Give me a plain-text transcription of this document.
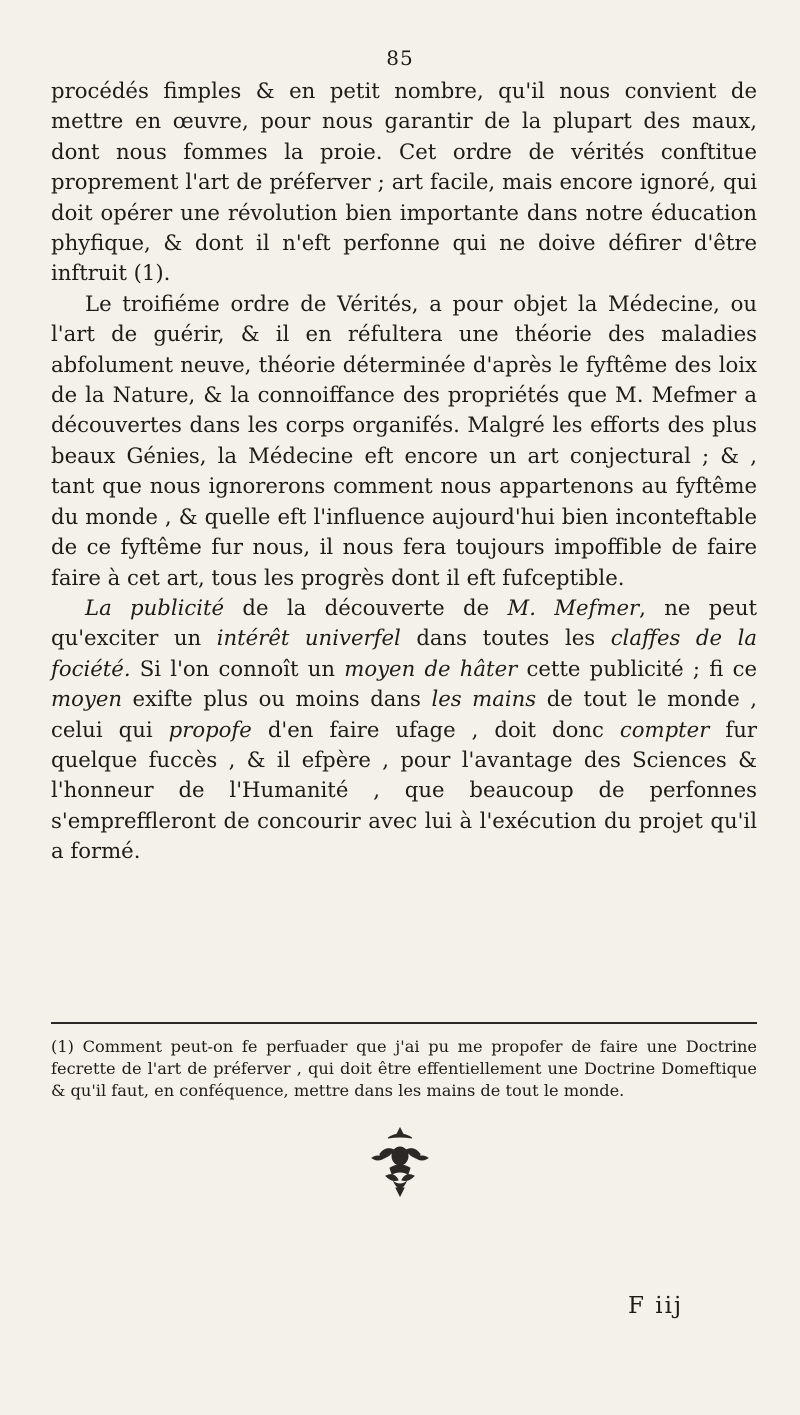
85

procédés fimples & en petit nombre, qu'il nous convient de mettre en œuvre, pour nous garantir de la plupart des maux, dont nous fommes la proie. Cet ordre de vérités conftitue proprement l'art de préferver ; art facile, mais encore ignoré, qui doit opérer une révolution bien importante dans notre éducation phyfique, & dont il n'eft perfonne qui ne doive défirer d'être inftruit (1).

Le troifiéme ordre de Vérités, a pour objet la Médecine, ou l'art de guérir, & il en réfultera une théorie des maladies abfolument neuve, théorie déterminée d'après le fyftême des loix de la Nature, & la connoiffance des propriétés que M. Mefmer a découvertes dans les corps organifés. Malgré les efforts des plus beaux Génies, la Médecine eft encore un art conjectural ; & , tant que nous ignorerons comment nous appartenons au fyftême du monde , & quelle eft l'influence aujourd'hui bien inconteftable de ce fyftême fur nous, il nous fera toujours impoffible de faire faire à cet art, tous les progrès dont il eft fufceptible.

La publicité de la découverte de M. Mefmer, ne peut qu'exciter un intérêt univerfel dans toutes les claffes de la fociété. Si l'on connoît un moyen de hâter cette publicité ; fi ce moyen exifte plus ou moins dans les mains de tout le monde , celui qui propofe d'en faire ufage , doit donc compter fur quelque fuccès , & il efpère , pour l'avantage des Sciences & l'honneur de l'Humanité , que beaucoup de perfonnes s'empreffleront de concourir avec lui à l'exécution du projet qu'il a formé.

(1) Comment peut-on fe perfuader que j'ai pu me propofer de faire une Doctrine fecrette de l'art de préferver , qui doit être effentiellement une Doctrine Domeftique & qu'il faut, en conféquence, mettre dans les mains de tout le monde.

F iij
